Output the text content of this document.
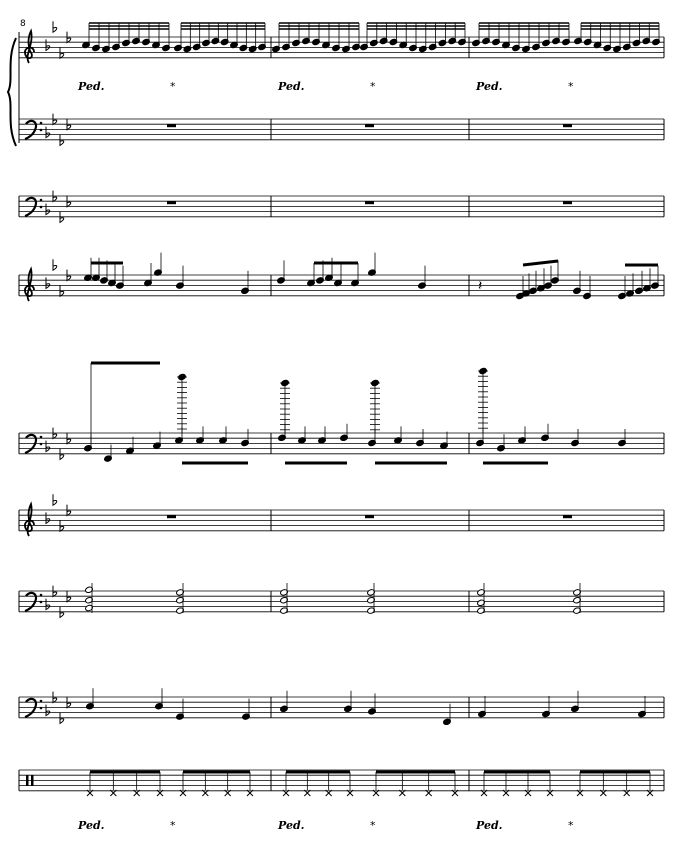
8
𝄽
Ped.	*	Ped.	*	Ped.	*
Ped.	*	Ped.	*	Ped.	*
